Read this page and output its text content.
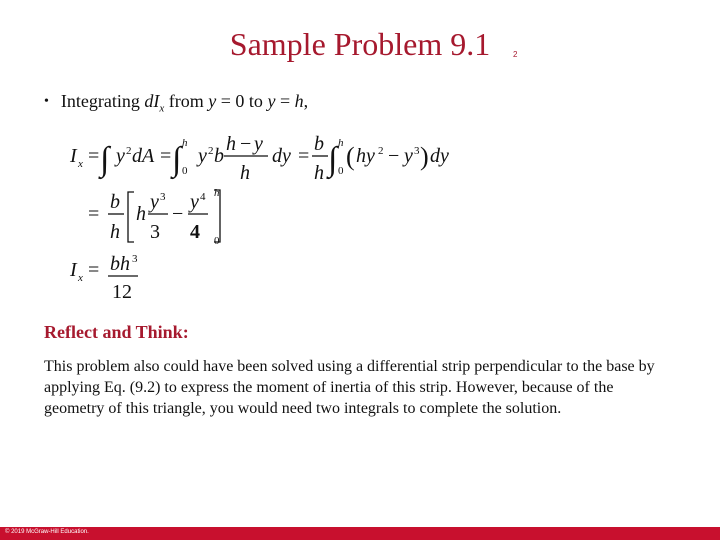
Sample Problem 9.1	2
• Integrating $dI_x$ from y = 0 to y = h,
I x = ∫ y 2 dA = ∫ h
0
y 2 b
h − y
h
dy =
b
h ∫ h
0 ( hy 2 − y 3 ) dy
=
b
h
h
y 3
3
−
y 4
4
h
0
I x = bh 3
12
Reflect and Think:
This problem also could have been solved using a differential strip perpendicular to the base by applying Eq. (9.2) to express the moment of inertia of this strip. However, because of the geometry of this triangle, you would need two integrals to complete the solution.
© 2019 McGraw-Hill Education.
